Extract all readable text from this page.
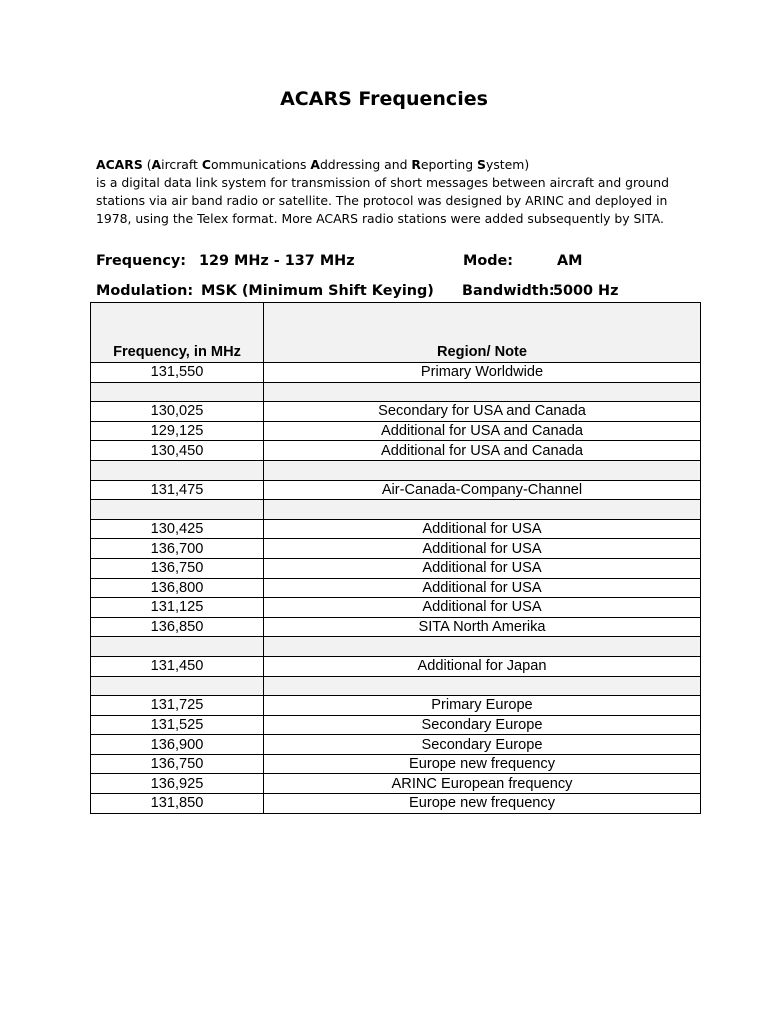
ACARS Frequencies
ACARS (Aircraft Communications Addressing and Reporting System)
is a digital data link system for transmission of short messages between aircraft and ground
stations via air band radio or satellite. The protocol was designed by ARINC and deployed in
1978, using the Telex format. More ACARS radio stations were added subsequently by SITA.
Frequency: 129 MHz - 137 MHz	Mode:	AM
Modulation: MSK (Minimum Shift Keying) Bandwidth:
5000 Hz
Frequency, in MHz	Region/ Note
131,550	Primary Worldwide

130,025	Secondary for USA and Canada
129,125	Additional for USA and Canada
130,450	Additional for USA and Canada

131,475	Air-Canada-Company-Channel

130,425	Additional for USA
136,700	Additional for USA
136,750	Additional for USA
136,800	Additional for USA
131,125	Additional for USA
136,850	SITA North Amerika

131,450	Additional for Japan

131,725	Primary Europe
131,525	Secondary Europe
136,900	Secondary Europe
136,750	Europe new frequency
136,925	ARINC European frequency
131,850	Europe new frequency
